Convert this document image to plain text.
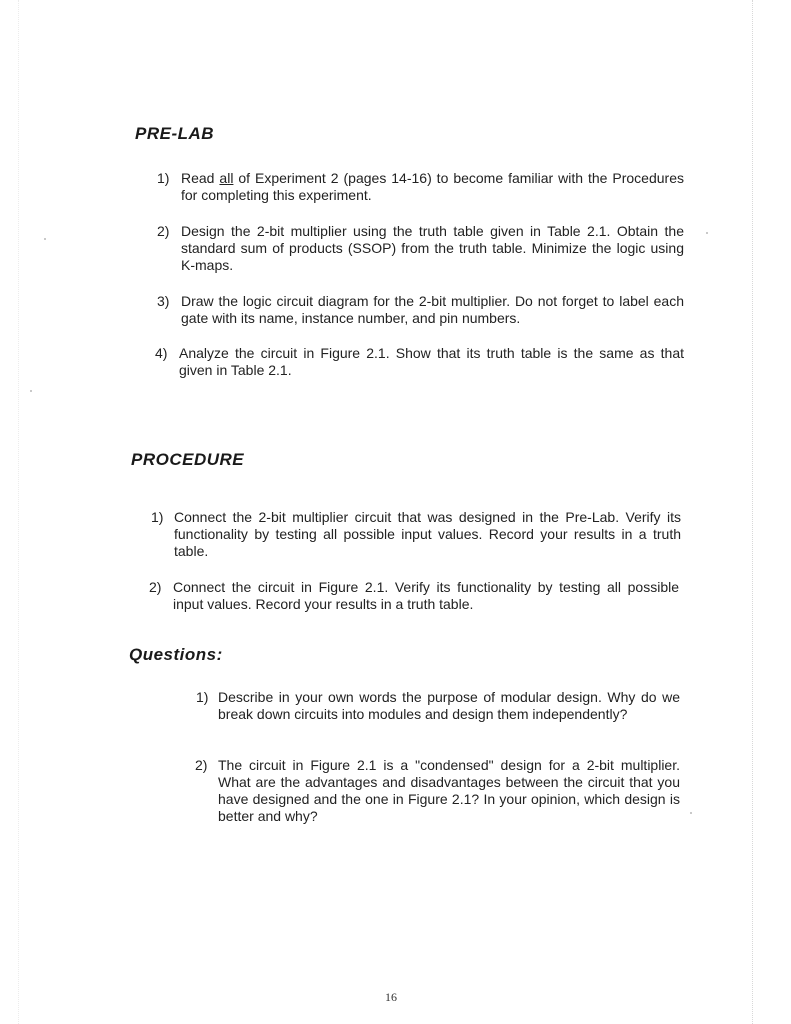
PRE-LAB
1) Read all of Experiment 2 (pages 14-16) to become familiar with the Procedures for completing this experiment.
2) Design the 2-bit multiplier using the truth table given in Table 2.1. Obtain the standard sum of products (SSOP) from the truth table. Minimize the logic using K-maps.
3) Draw the logic circuit diagram for the 2-bit multiplier. Do not forget to label each gate with its name, instance number, and pin numbers.
4) Analyze the circuit in Figure 2.1. Show that its truth table is the same as that given in Table 2.1.
PROCEDURE
1) Connect the 2-bit multiplier circuit that was designed in the Pre-Lab. Verify its functionality by testing all possible input values. Record your results in a truth table.
2) Connect the circuit in Figure 2.1. Verify its functionality by testing all possible input values. Record your results in a truth table.
Questions:
1) Describe in your own words the purpose of modular design. Why do we break down circuits into modules and design them independently?
2) The circuit in Figure 2.1 is a "condensed" design for a 2-bit multiplier. What are the advantages and disadvantages between the circuit that you have designed and the one in Figure 2.1? In your opinion, which design is better and why?
16
